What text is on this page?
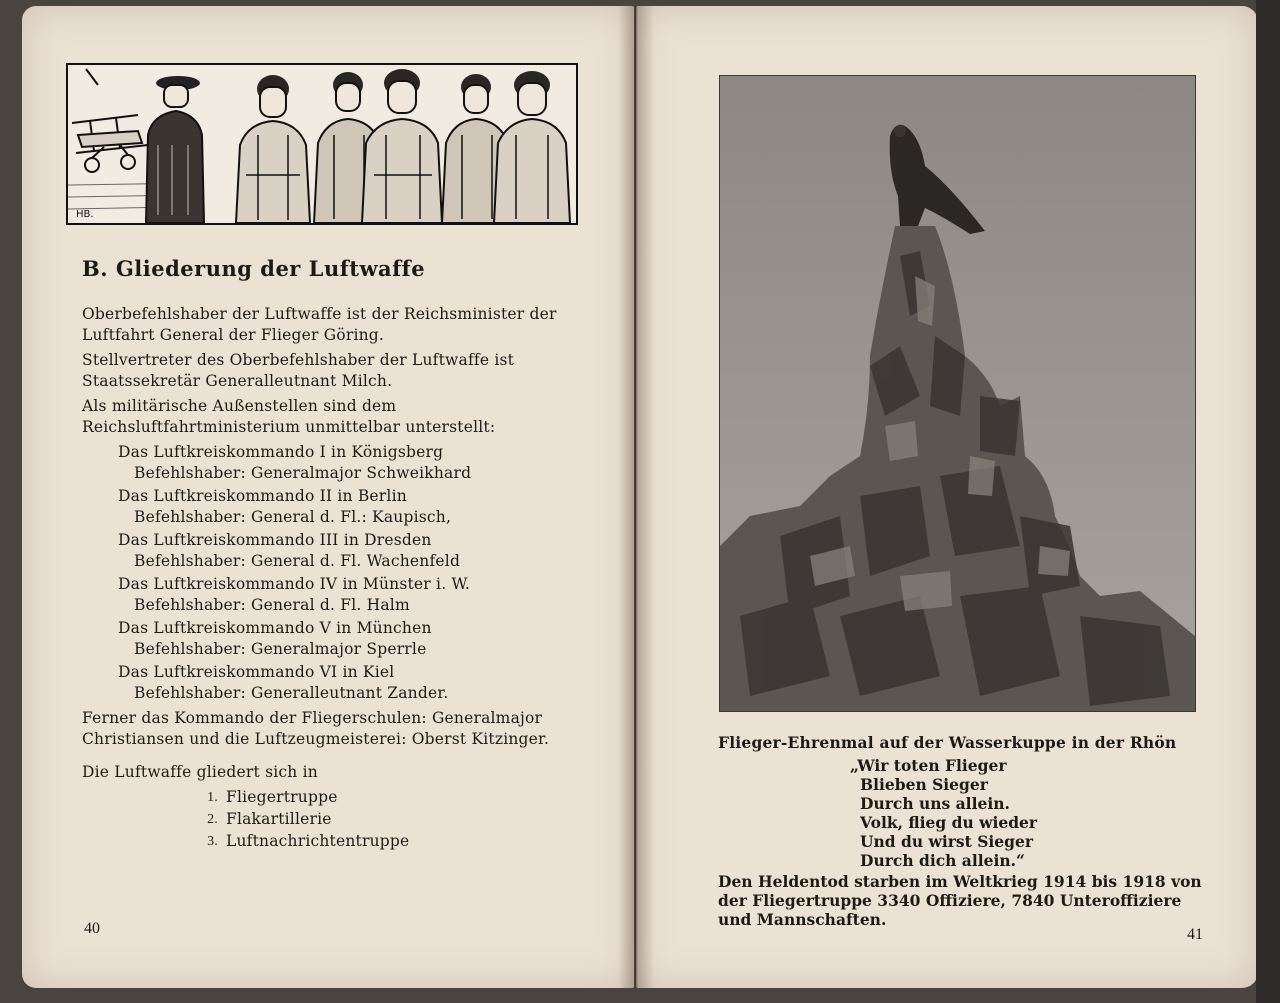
HB.
B. Gliederung der Luftwaffe

Oberbefehlshaber der Luftwaffe ist der Reichsminister der Luftfahrt General der Flieger Göring.

Stellvertreter des Oberbefehlshaber der Luftwaffe ist Staatssekretär Generalleutnant Milch.

Als militärische Außenstellen sind dem Reichsluftfahrtministerium unmittelbar unterstellt:

Das Luftkreiskommando I in Königsberg
Befehlshaber: Generalmajor Schweikhard

Das Luftkreiskommando II in Berlin
Befehlshaber: General d. Fl.: Kaupisch,

Das Luftkreiskommando III in Dresden
Befehlshaber: General d. Fl. Wachenfeld

Das Luftkreiskommando IV in Münster i. W.
Befehlshaber: General d. Fl. Halm

Das Luftkreiskommando V in München
Befehlshaber: Generalmajor Sperrle

Das Luftkreiskommando VI in Kiel
Befehlshaber: Generalleutnant Zander.

Ferner das Kommando der Fliegerschulen: Generalmajor Christiansen und die Luftzeugmeisterei: Oberst Kitzinger.

Die Luftwaffe gliedert sich in

1. Fliegertruppe
2. Flakartillerie
3. Luftnachrichtentruppe
40

Flieger-Ehrenmal auf der Wasserkuppe in der Rhön

„Wir toten Flieger
Blieben Sieger
Durch uns allein.
Volk, flieg du wieder
Und du wirst Sieger
Durch dich allein.“

Den Heldentod starben im Weltkrieg 1914 bis 1918 von der Fliegertruppe 3340 Offiziere, 7840 Unteroffiziere und Mannschaften.

41
